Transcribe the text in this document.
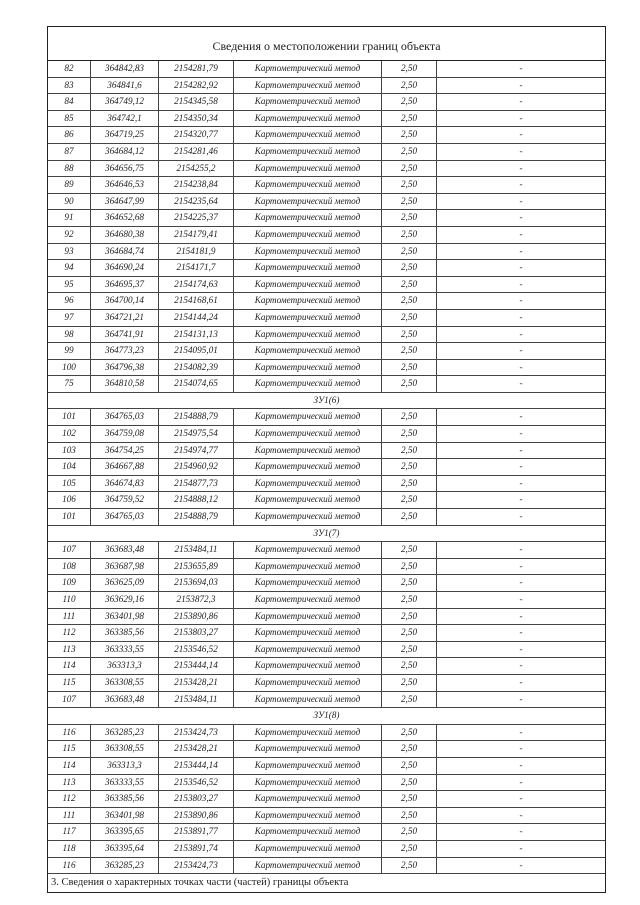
Сведения о местоположении границ объекта
82	364842,83	2154281,79	Картометрический метод	2,50	-
83	364841,6	2154282,92	Картометрический метод	2,50	-
84	364749,12	2154345,58	Картометрический метод	2,50	-
85	364742,1	2154350,34	Картометрический метод	2,50	-
86	364719,25	2154320,77	Картометрический метод	2,50	-
87	364684,12	2154281,46	Картометрический метод	2,50	-
88	364656,75	2154255,2	Картометрический метод	2,50	-
89	364646,53	2154238,84	Картометрический метод	2,50	-
90	364647,99	2154235,64	Картометрический метод	2,50	-
91	364652,68	2154225,37	Картометрический метод	2,50	-
92	364680,38	2154179,41	Картометрический метод	2,50	-
93	364684,74	2154181,9	Картометрический метод	2,50	-
94	364690,24	2154171,7	Картометрический метод	2,50	-
95	364695,37	2154174,63	Картометрический метод	2,50	-
96	364700,14	2154168,61	Картометрический метод	2,50	-
97	364721,21	2154144,24	Картометрический метод	2,50	-
98	364741,91	2154131,13	Картометрический метод	2,50	-
99	364773,23	2154095,01	Картометрический метод	2,50	-
100	364796,38	2154082,39	Картометрический метод	2,50	-
75	364810,58	2154074,65	Картометрический метод	2,50	-
ЗУ1(6)
101	364765,03	2154888,79	Картометрический метод	2,50	-
102	364759,08	2154975,54	Картометрический метод	2,50	-
103	364754,25	2154974,77	Картометрический метод	2,50	-
104	364667,88	2154960,92	Картометрический метод	2,50	-
105	364674,83	2154877,73	Картометрический метод	2,50	-
106	364759,52	2154888,12	Картометрический метод	2,50	-
101	364765,03	2154888,79	Картометрический метод	2,50	-
ЗУ1(7)
107	363683,48	2153484,11	Картометрический метод	2,50	-
108	363687,98	2153655,89	Картометрический метод	2,50	-
109	363625,09	2153694,03	Картометрический метод	2,50	-
110	363629,16	2153872,3	Картометрический метод	2,50	-
111	363401,98	2153890,86	Картометрический метод	2,50	-
112	363385,56	2153803,27	Картометрический метод	2,50	-
113	363333,55	2153546,52	Картометрический метод	2,50	-
114	363313,3	2153444,14	Картометрический метод	2,50	-
115	363308,55	2153428,21	Картометрический метод	2,50	-
107	363683,48	2153484,11	Картометрический метод	2,50	-
ЗУ1(8)
116	363285,23	2153424,73	Картометрический метод	2,50	-
115	363308,55	2153428,21	Картометрический метод	2,50	-
114	363313,3	2153444,14	Картометрический метод	2,50	-
113	363333,55	2153546,52	Картометрический метод	2,50	-
112	363385,56	2153803,27	Картометрический метод	2,50	-
111	363401,98	2153890,86	Картометрический метод	2,50	-
117	363395,65	2153891,77	Картометрический метод	2,50	-
118	363395,64	2153891,74	Картометрический метод	2,50	-
116	363285,23	2153424,73	Картометрический метод	2,50	-
3. Сведения о характерных точках части (частей) границы объекта
